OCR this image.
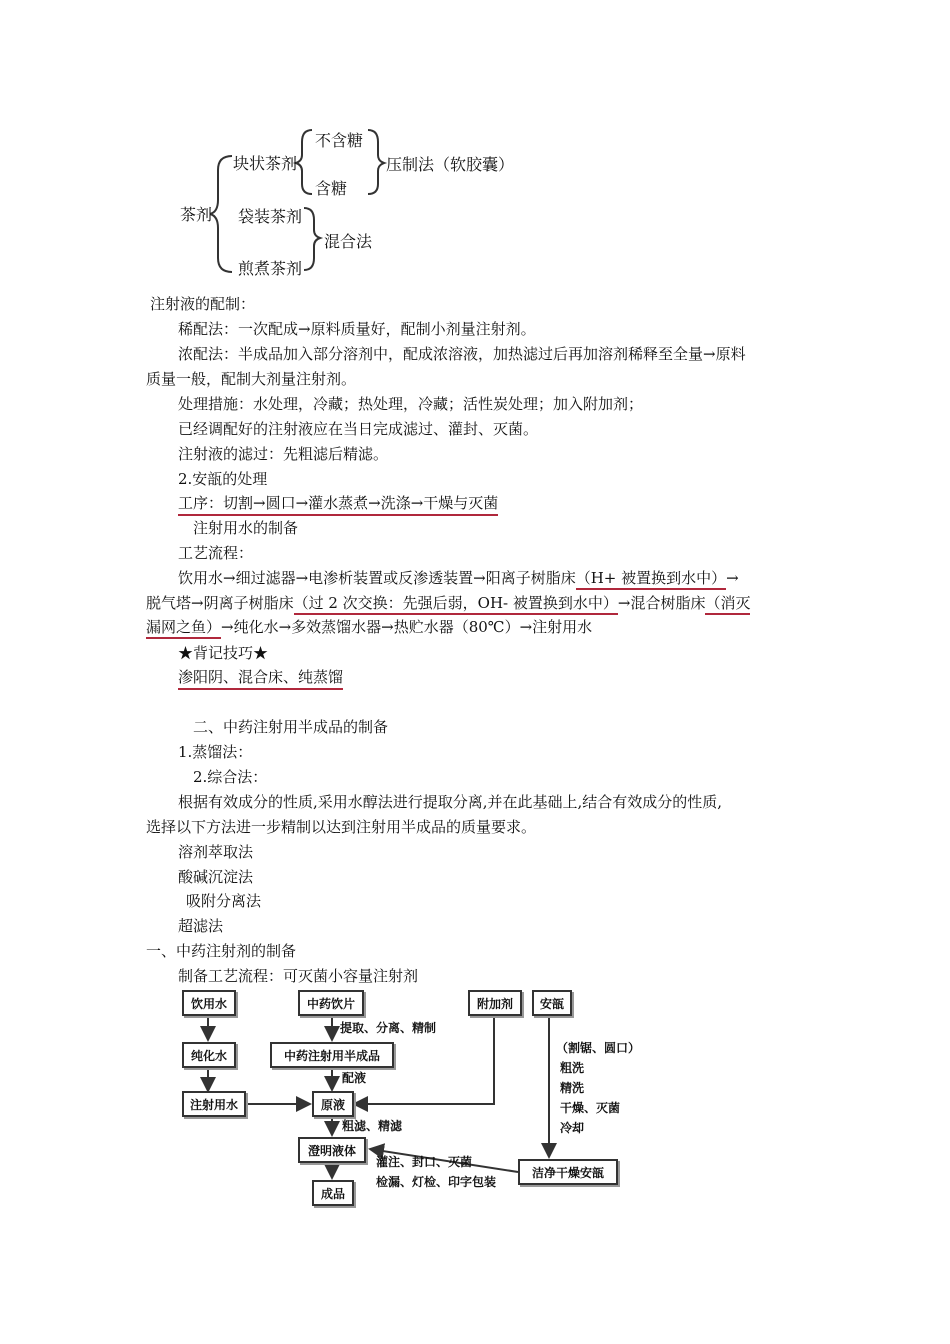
茶剂
块状茶剂
不含糖
含糖
压制法（软胶囊）
袋装茶剂
煎煮茶剂
混合法
注射液的配制：
稀配法：一次配成→原料质量好，配制小剂量注射剂。
浓配法：半成品加入部分溶剂中，配成浓溶液，加热滤过后再加溶剂稀释至全量→原料
质量一般，配制大剂量注射剂。
处理措施：水处理，冷藏；热处理，冷藏；活性炭处理；加入附加剂；
已经调配好的注射液应在当日完成滤过、灌封、灭菌。
注射液的滤过：先粗滤后精滤。
2.安瓿的处理
工序：切割→圆口→灌水蒸煮→洗涤→干燥与灭菌
注射用水的制备
工艺流程：
饮用水→细过滤器→电渗析装置或反渗透装置→阳离子树脂床（H+ 被置换到水中）→
脱气塔→阴离子树脂床（过 2 次交换：先强后弱，OH- 被置换到水中）→混合树脂床（消灭
漏网之鱼）→纯化水→多效蒸馏水器→热贮水器（80℃）→注射用水
★背记技巧★
渗阳阴、混合床、纯蒸馏
二、中药注射用半成品的制备
1.蒸馏法：
2.综合法：
根据有效成分的性质,采用水醇法进行提取分离,并在此基础上,结合有效成分的性质,
选择以下方法进一步精制以达到注射用半成品的质量要求。
溶剂萃取法
酸碱沉淀法
吸附分离法
超滤法
一、中药注射剂的制备
制备工艺流程：可灭菌小容量注射剂
饮用水	中药饮片	附加剂	安瓿
纯化水	中药注射用半成品
注射用水	原液
澄明液体
成品
洁净干燥安瓿
提取、分离、精制
配液
粗滤、精滤
（割锯、圆口）
粗洗
精洗
干燥、灭菌
冷却
灌注、封口、灭菌
检漏、灯检、印字包装
